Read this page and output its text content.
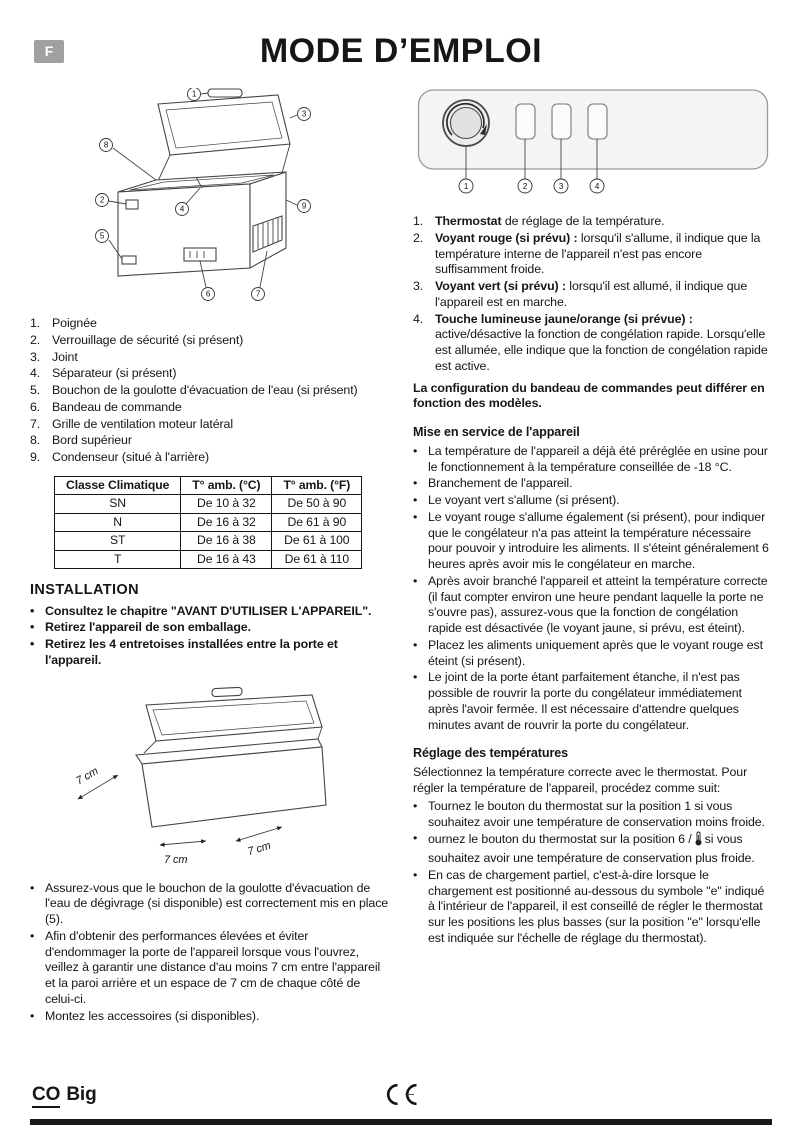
F	MODE D’EMPLOI
1
2
3
4
5
6	7
8
9
1. Poignée
2. Verrouillage de sécurité (si présent)
3. Joint
4. Séparateur (si présent)
5. Bouchon de la goulotte d'évacuation de l'eau (si présent)
6. Bandeau de commande
7. Grille de ventilation moteur latéral
8. Bord supérieur
9. Condenseur (situé à l'arrière)
Classe Climatique	T° amb. (°C)	T° amb. (°F)
SN	De 10 à 32	De 50 à 90
N	De 16 à 32	De 61 à 90
ST	De 16 à 38	De 61 à 100
T	De 16 à 43	De 61 à 110
INSTALLATION
• Consultez le chapitre "AVANT D'UTILISER L'APPAREIL".
• Retirez l'appareil de son emballage.
• Retirez les 4 entretoises installées entre la porte et l'appareil.
7 cm
7 cm
7 cm
• Assurez-vous que le bouchon de la goulotte d'évacuation de l'eau de dégivrage (si disponible) est correctement mis en place (5).
• Afin d'obtenir des performances élevées et éviter d'endommager la porte de l'appareil lorsque vous l'ouvrez, veillez à garantir une distance d'au moins 7 cm entre l'appareil et la paroi arrière et un espace de 7 cm de chaque côté de celui-ci.
• Montez les accessoires (si disponibles).
1	2	3	4
1. Thermostat de réglage de la température.
2. Voyant rouge (si prévu) : lorsqu'il s'allume, il indique que la température interne de l'appareil n'est pas encore suffisamment froide.
3. Voyant vert (si prévu) : lorsqu'il est allumé, il indique que l'appareil est en marche.
4. Touche lumineuse jaune/orange (si prévue) : active/désactive la fonction de congélation rapide. Lorsqu'elle est allumée, elle indique que la fonction de congélation rapide est active.
La configuration du bandeau de commandes peut différer en fonction des modèles.
Mise en service de l'appareil
• La température de l'appareil a déjà été préréglée en usine pour le fonctionnement à la température conseillée de -18 °C.
• Branchement de l'appareil.
• Le voyant vert s'allume (si présent).
• Le voyant rouge s'allume également (si présent), pour indiquer que le congélateur n'a pas atteint la température nécessaire pour pouvoir y introduire les aliments. Il s'éteint généralement 6 heures après avoir mis le congélateur en marche.
• Après avoir branché l'appareil et atteint la température correcte (il faut compter environ une heure pendant laquelle la porte ne s'ouvre pas), assurez-vous que la fonction de congélation rapide est désactivée (le voyant jaune, si prévu, est éteint).
• Placez les aliments uniquement après que le voyant rouge est éteint (si présent).
• Le joint de la porte étant parfaitement étanche, il n'est pas possible de rouvrir la porte du congélateur immédiatement après l'avoir fermée. Il est nécessaire d'attendre quelques minutes avant de rouvrir la porte du congélateur.
Réglage des températures
Sélectionnez la température correcte avec le thermostat. Pour régler la température de l'appareil, procédez comme suit:
• Tournez le bouton du thermostat sur la position 1 si vous souhaitez avoir une température de conservation moins froide.
• ournez le bouton du thermostat sur la position 6 / si vous souhaitez avoir une température de conservation plus froide.
• En cas de chargement partiel, c'est-à-dire lorsque le chargement est positionné au-dessous du symbole "e" indiqué à l'intérieur de l'appareil, il est conseillé de régler le thermostat sur les positions les plus basses (sur la position "e" lorsqu'elle est indiquée sur l'échelle de réglage du thermostat).
CO Big
